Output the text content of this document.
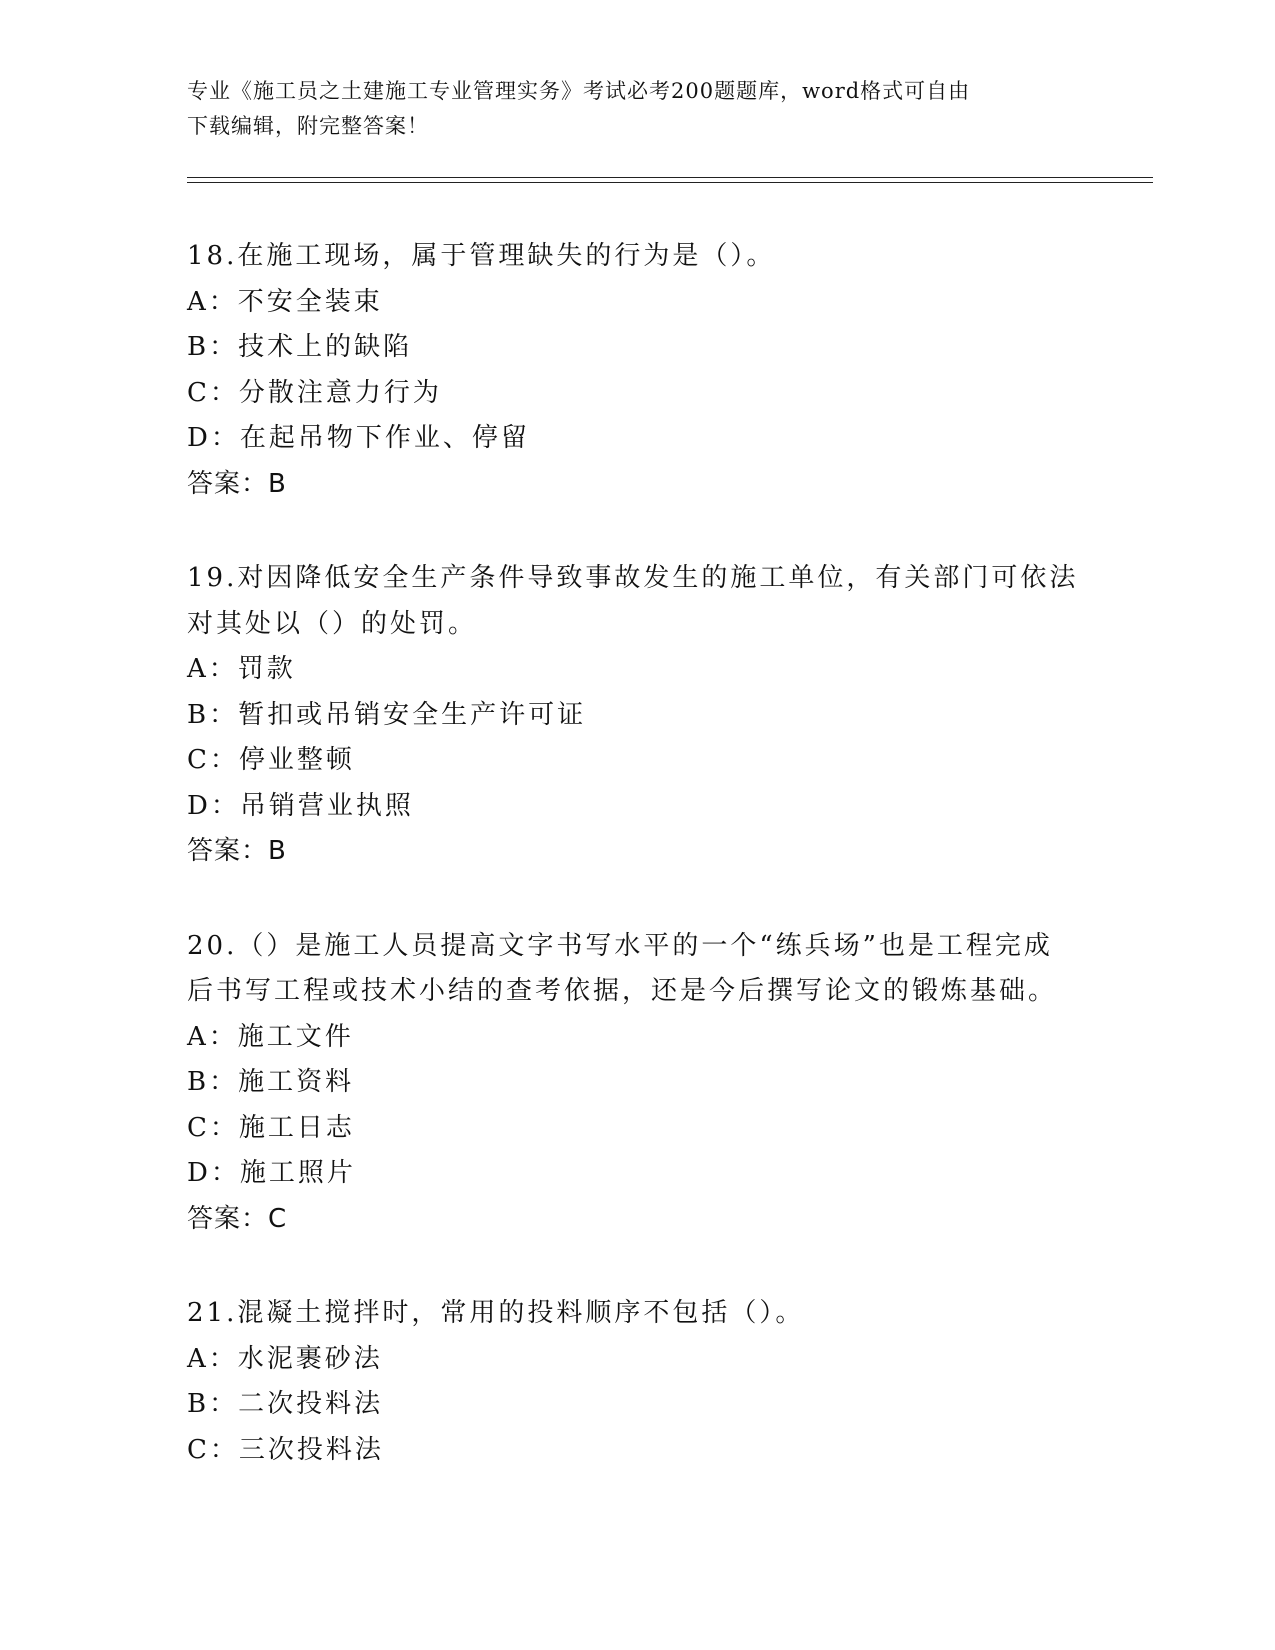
专业《施工员之土建施工专业管理实务》考试必考200题题库，word格式可自由
下载编辑，附完整答案！
18.在施工现场，属于管理缺失的行为是（）。
A：不安全装束
B：技术上的缺陷
C：分散注意力行为
D：在起吊物下作业、停留
答案：B
19.对因降低安全生产条件导致事故发生的施工单位，有关部门可依法
对其处以（）的处罚。
A：罚款
B：暂扣或吊销安全生产许可证
C：停业整顿
D：吊销营业执照
答案：B
20.（）是施工人员提高文字书写水平的一个“练兵场”也是工程完成
后书写工程或技术小结的查考依据，还是今后撰写论文的锻炼基础。
A：施工文件
B：施工资料
C：施工日志
D：施工照片
答案：C
21.混凝土搅拌时，常用的投料顺序不包括（）。
A：水泥裹砂法
B：二次投料法
C：三次投料法
